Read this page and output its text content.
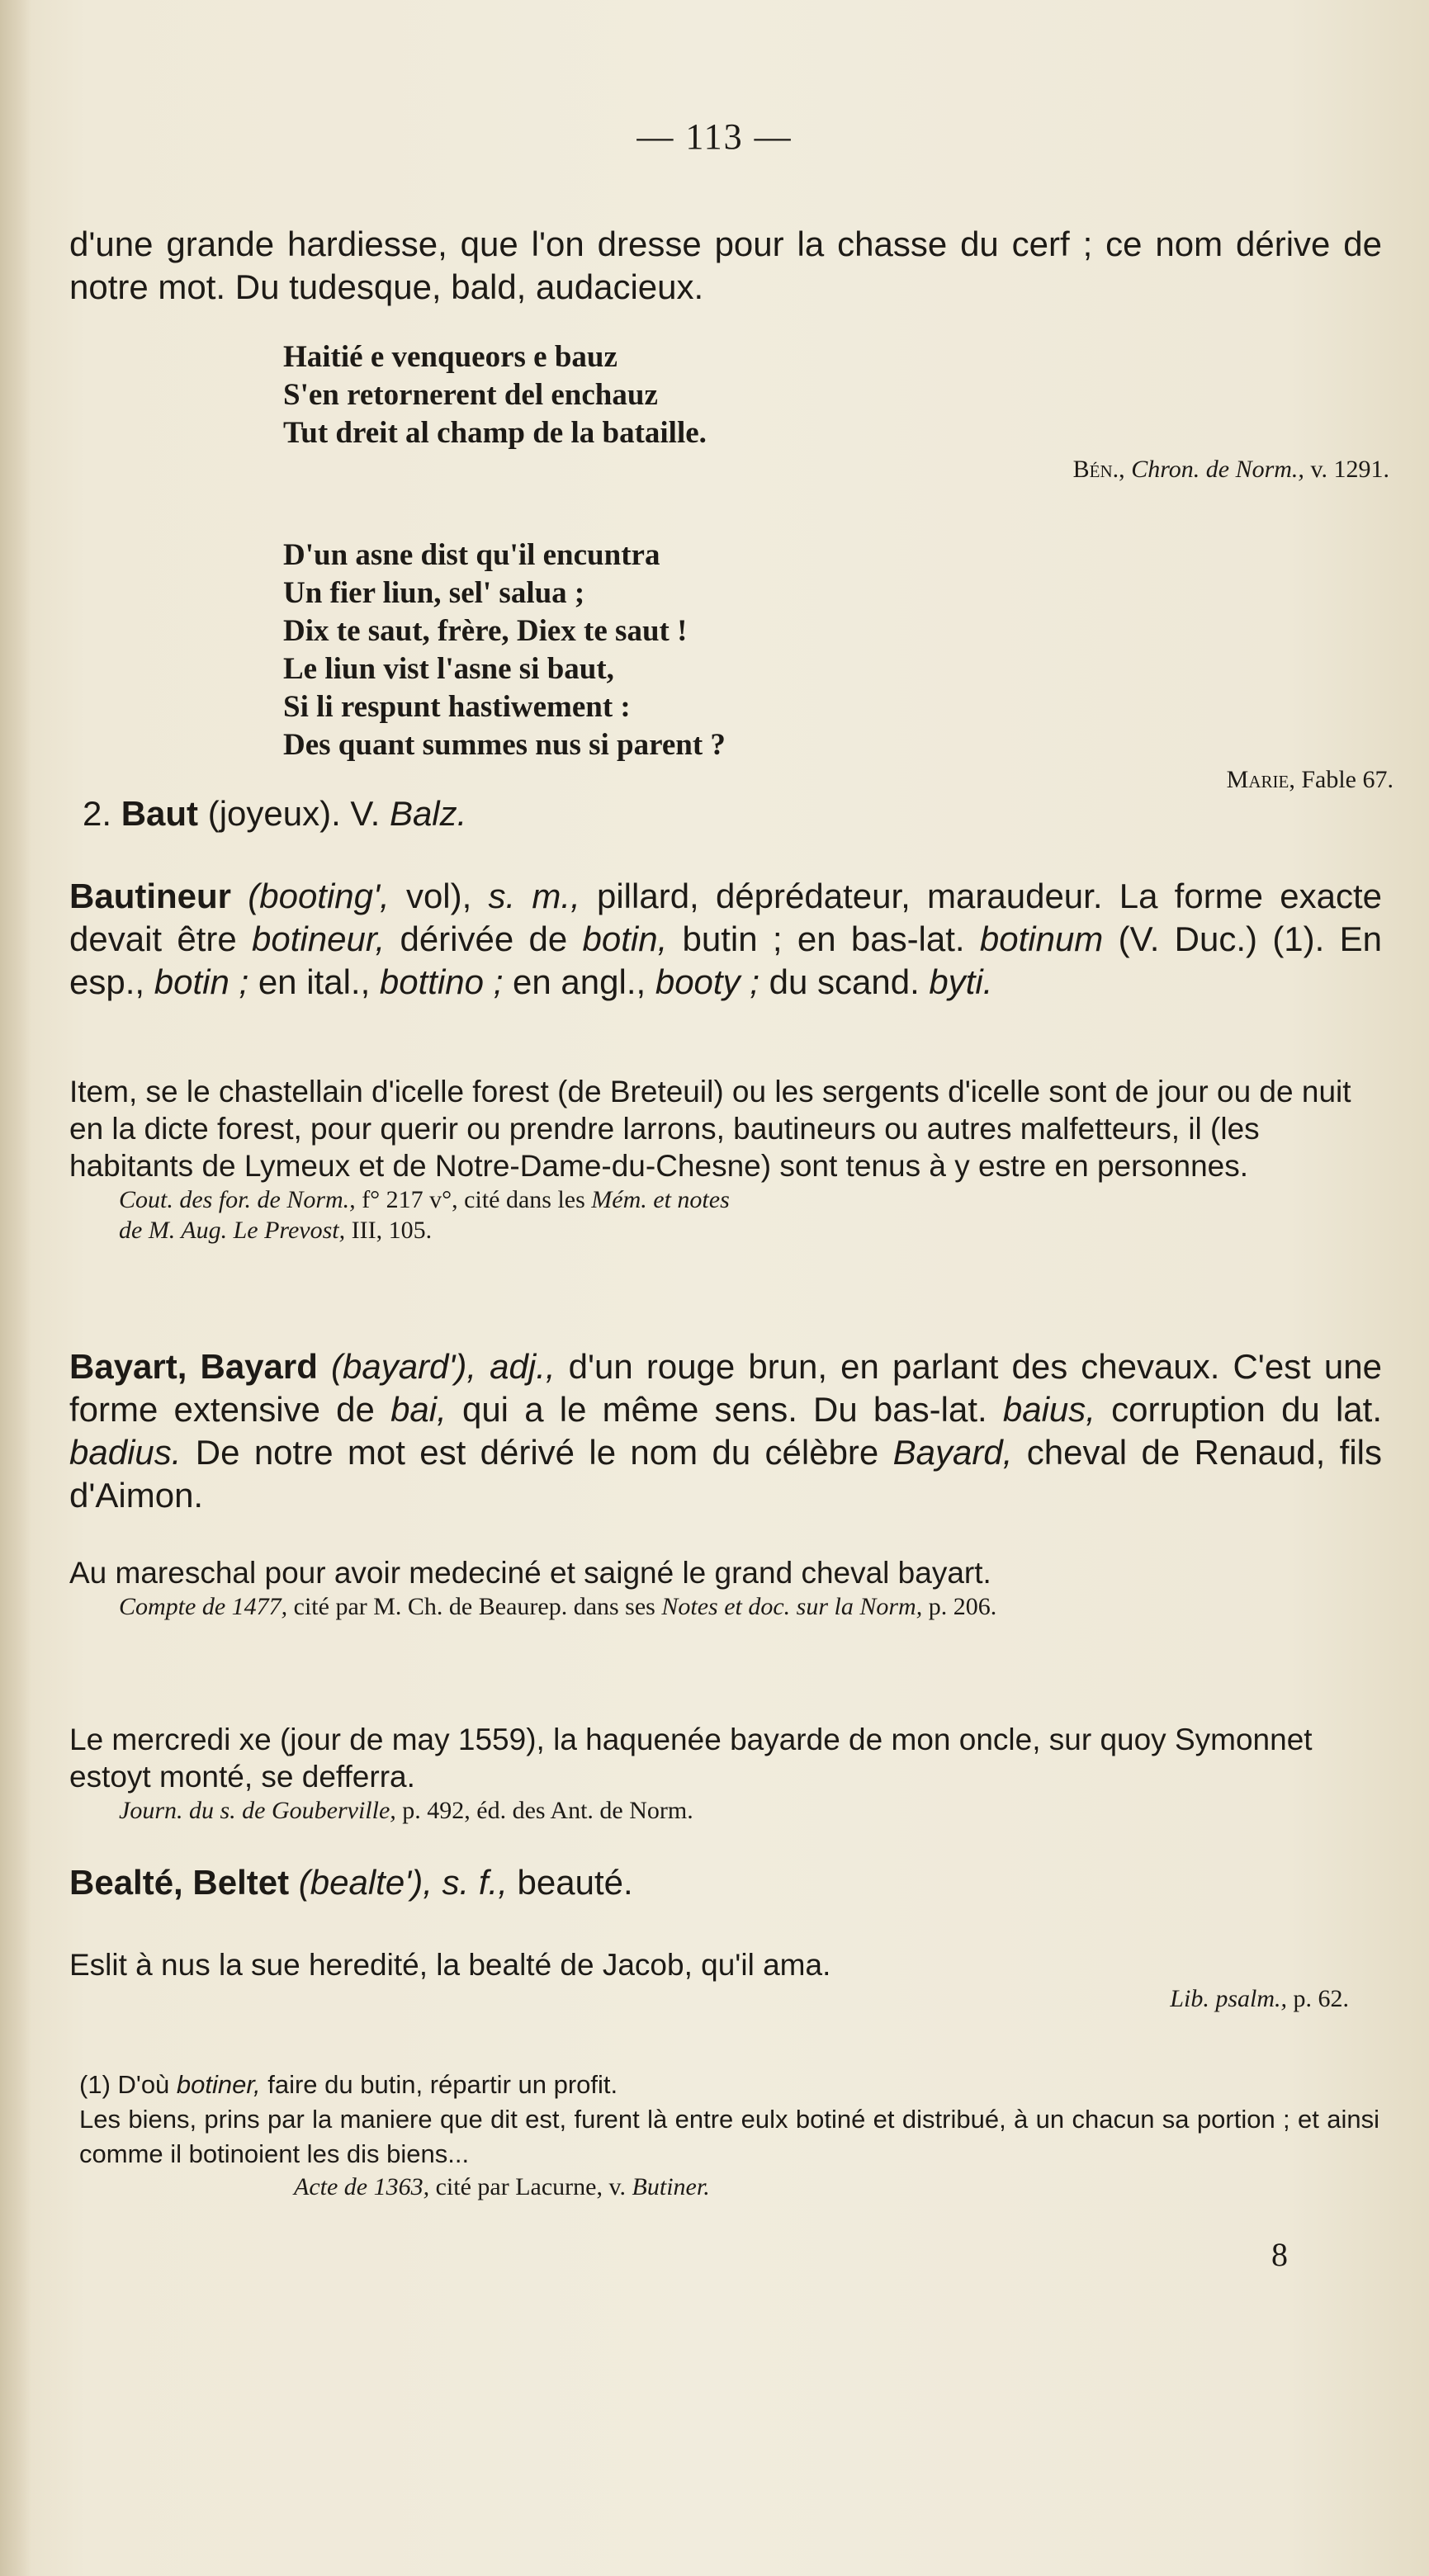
— 113 —
d'une grande hardiesse, que l'on dresse pour la chasse du cerf ; ce nom dérive de notre mot. Du tudesque, bald, audacieux.
Haitié e venqueors e bauz
S'en retornerent del enchauz
Tut dreit al champ de la bataille.
Bén., Chron. de Norm., v. 1291.
D'un asne dist qu'il encuntra
Un fier liun, sel' salua ;
Dix te saut, frère, Diex te saut !
Le liun vist l'asne si baut,
Si li respunt hastiwement :
Des quant summes nus si parent ?
Marie, Fable 67.
2. Baut (joyeux). V. Balz.
Bautineur (booting', vol), s. m., pillard, déprédateur, maraudeur. La forme exacte devait être botineur, dérivée de botin, butin ; en bas-lat. botinum (V. Duc.) (1). En esp., botin ; en ital., bottino ; en angl., booty ; du scand. byti.
Item, se le chastellain d'icelle forest (de Breteuil) ou les sergents d'icelle sont de jour ou de nuit en la dicte forest, pour querir ou prendre larrons, bautineurs ou autres malfetteurs, il (les habitants de Lymeux et de Notre-Dame-du-Chesne) sont tenus à y estre en personnes.
Cout. des for. de Norm., f° 217 v°, cité dans les Mém. et notes
de M. Aug. Le Prevost, III, 105.
Bayart, Bayard (bayard'), adj., d'un rouge brun, en parlant des chevaux. C'est une forme extensive de bai, qui a le même sens. Du bas-lat. baius, corruption du lat. badius. De notre mot est dérivé le nom du célèbre Bayard, cheval de Renaud, fils d'Aimon.
Au mareschal pour avoir medeciné et saigné le grand cheval bayart.
Compte de 1477, cité par M. Ch. de Beaurep. dans ses Notes et doc. sur la Norm, p. 206.
Le mercredi xe (jour de may 1559), la haquenée bayarde de mon oncle, sur quoy Symonnet estoyt monté, se defferra.
Journ. du s. de Gouberville, p. 492, éd. des Ant. de Norm.
Bealté, Beltet (bealte'), s. f., beauté.
Eslit à nus la sue heredité, la bealté de Jacob, qu'il ama.
Lib. psalm., p. 62.
(1) D'où botiner, faire du butin, répartir un profit.
Les biens, prins par la maniere que dit est, furent là entre eulx botiné et distribué, à un chacun sa portion ; et ainsi comme il botinoient les dis biens...
Acte de 1363, cité par Lacurne, v. Butiner.
8
